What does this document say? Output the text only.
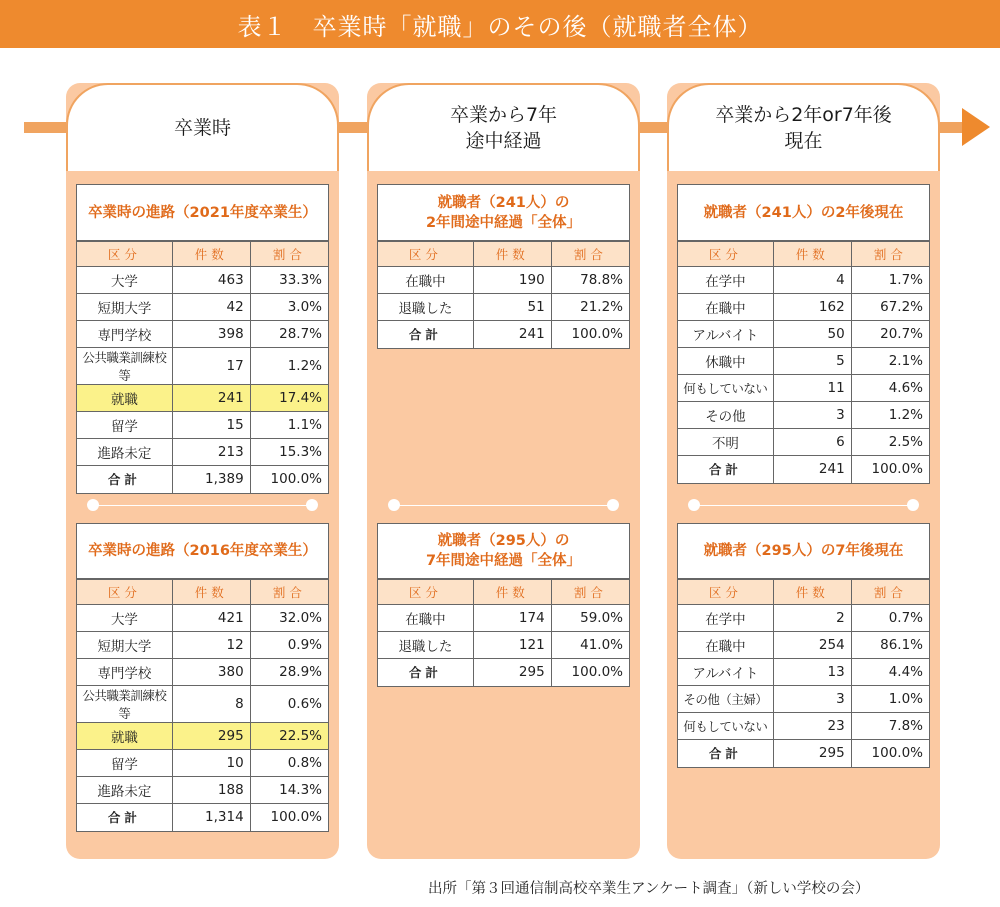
表１　卒業時「就職」のその後（就職者全体）
卒業時
卒業時の進路（2021年度卒業生）
区分	件数	割合
大学	463	33.3%
短期大学	42	3.0%
専門学校	398	28.7%
公共職業訓練校等	17	1.2%
就職	241	17.4%
留学	15	1.1%
進路未定	213	15.3%
合計	1,389	100.0%
卒業時の進路（2016年度卒業生）
区分	件数	割合
大学	421	32.0%
短期大学	12	0.9%
専門学校	380	28.9%
公共職業訓練校等	8	0.6%
就職	295	22.5%
留学	10	0.8%
進路未定	188	14.3%
合計	1,314	100.0%
卒業から7年
途中経過
就職者（241人）の
2年間途中経過「全体」
区分	件数	割合
在職中	190	78.8%
退職した	51	21.2%
合計	241	100.0%
就職者（295人）の
7年間途中経過「全体」
区分	件数	割合
在職中	174	59.0%
退職した	121	41.0%
合計	295	100.0%
卒業から2年or7年後
現在
就職者（241人）の2年後現在
区分	件数	割合
在学中	4	1.7%
在職中	162	67.2%
アルバイト	50	20.7%
休職中	5	2.1%
何もしていない	11	4.6%
その他	3	1.2%
不明	6	2.5%
合計	241	100.0%
就職者（295人）の7年後現在
区分	件数	割合
在学中	2	0.7%
在職中	254	86.1%
アルバイト	13	4.4%
その他（主婦）	3	1.0%
何もしていない	23	7.8%
合計	295	100.0%
出所「第３回通信制高校卒業生アンケート調査」（新しい学校の会）
